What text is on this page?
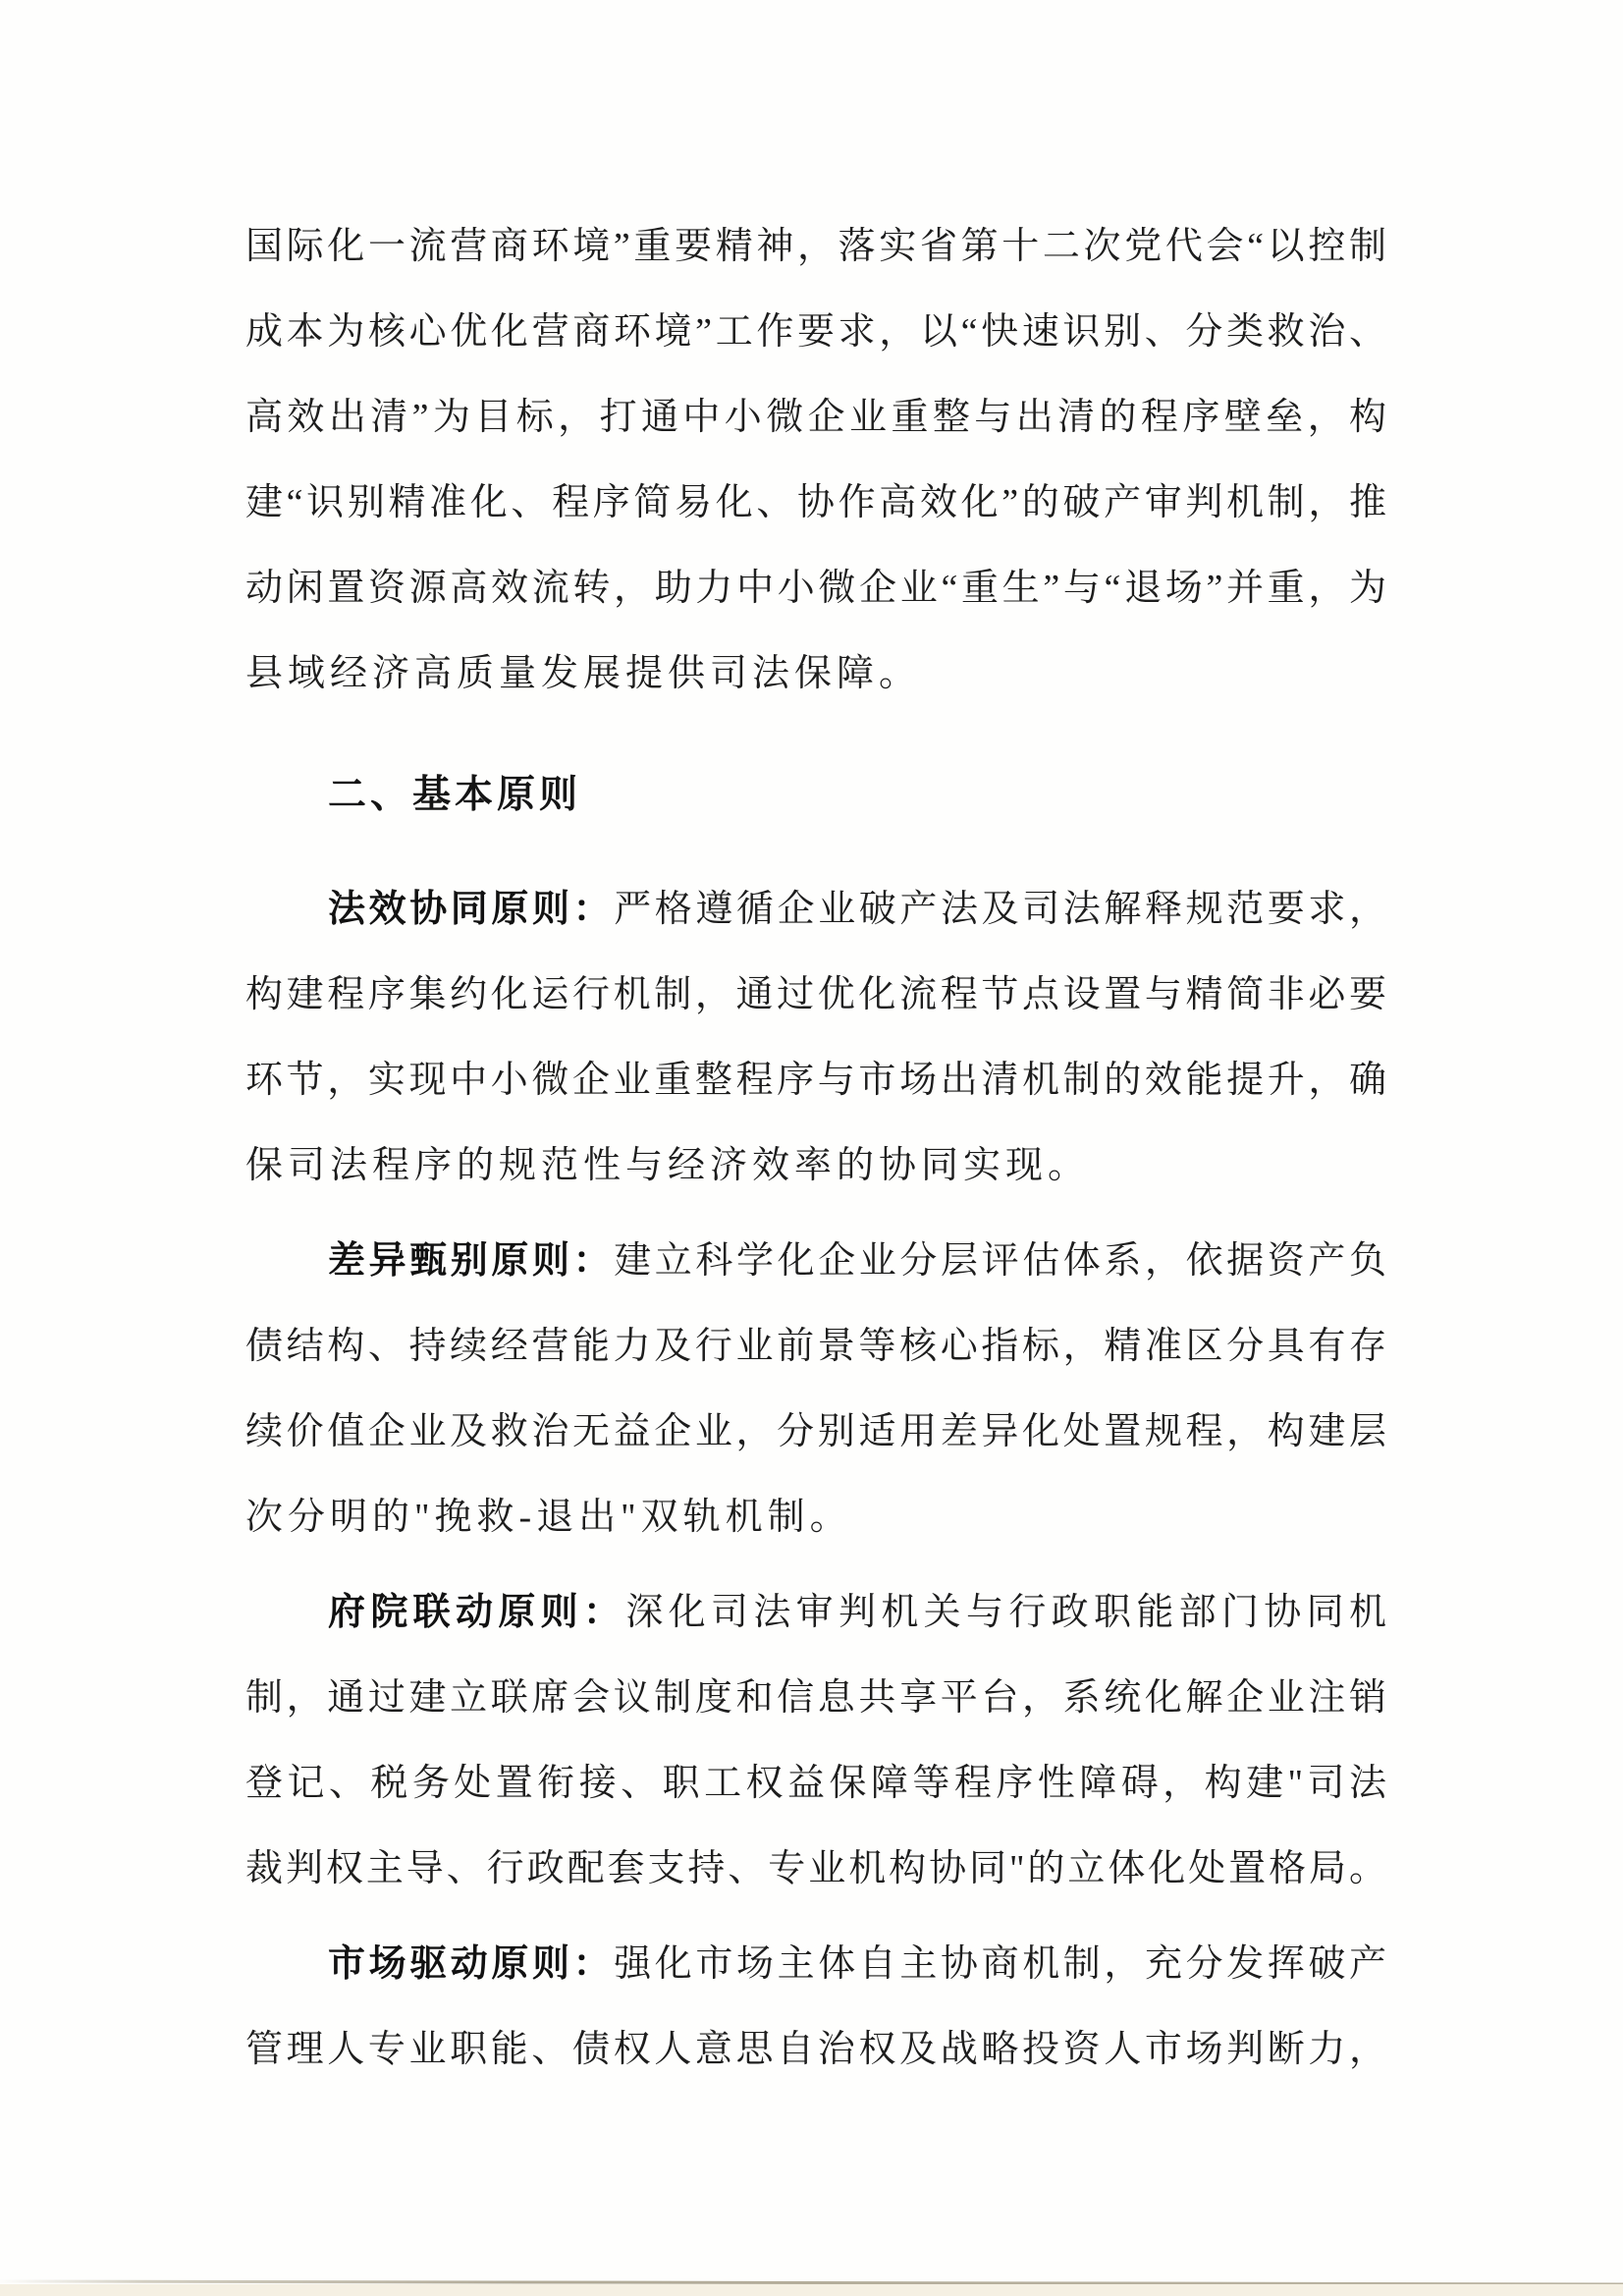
国际化一流营商环境”重要精神，落实省第十二次党代会“以控制
成本为核心优化营商环境”工作要求，以“快速识别、分类救治、
高效出清”为目标，打通中小微企业重整与出清的程序壁垒，构
建“识别精准化、程序简易化、协作高效化”的破产审判机制，推
动闲置资源高效流转，助力中小微企业“重生”与“退场”并重，为
县域经济高质量发展提供司法保障。
二、基本原则
法效协同原则：严格遵循企业破产法及司法解释规范要求，
构建程序集约化运行机制，通过优化流程节点设置与精简非必要
环节，实现中小微企业重整程序与市场出清机制的效能提升，确
保司法程序的规范性与经济效率的协同实现。
差异甄别原则：建立科学化企业分层评估体系，依据资产负
债结构、持续经营能力及行业前景等核心指标，精准区分具有存
续价值企业及救治无益企业，分别适用差异化处置规程，构建层
次分明的"挽救-退出"双轨机制。
府院联动原则：深化司法审判机关与行政职能部门协同机
制，通过建立联席会议制度和信息共享平台，系统化解企业注销
登记、税务处置衔接、职工权益保障等程序性障碍，构建"司法
裁判权主导、行政配套支持、专业机构协同"的立体化处置格局。
市场驱动原则：强化市场主体自主协商机制，充分发挥破产
管理人专业职能、债权人意思自治权及战略投资人市场判断力，
